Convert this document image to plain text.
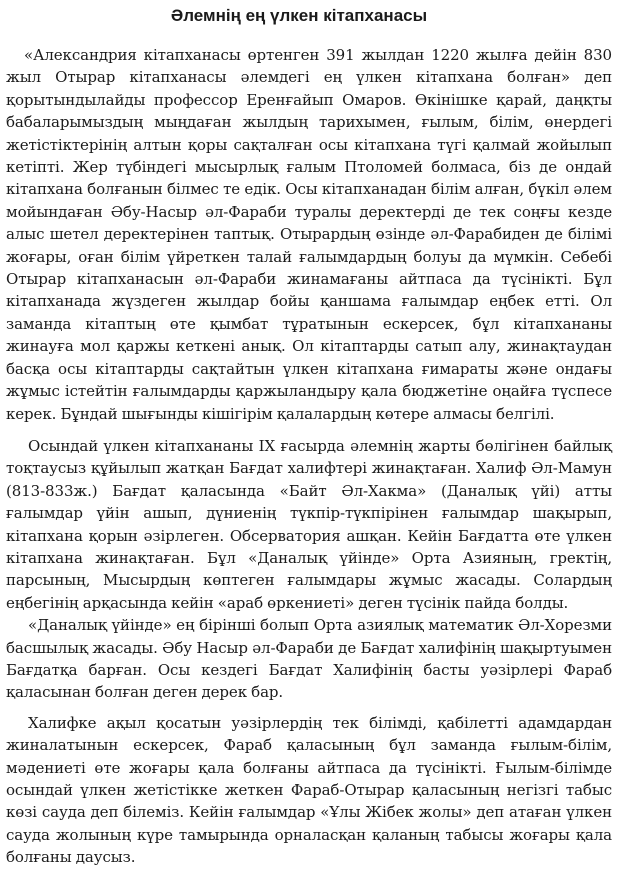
Әлемнің ең үлкен кітапханасы

«Александрия кітапханасы өртенген 391 жылдан 1220 жылға дейін 830 жыл Отырар кітапханасы әлемдегі ең үлкен кітапхана болған» деп қорытындылайды профессор Еренғайып Омаров. Өкінішке қарай, даңқты бабаларымыздың мыңдаған жылдың тарихымен, ғылым, білім, өнердегі жетістіктерінің алтын қоры сақталған осы кітапхана түгі қалмай жойылып кетіпті. Жер түбіндегі мысырлық ғалым Птоломей болмаса, біз де ондай кітапхана болғанын білмес те едік. Осы кітапханадан білім алған, бүкіл әлем мойындаған Әбу-Насыр әл-Фараби туралы деректерді де тек соңғы кезде алыс шетел деректерінен таптық. Отырардың өзінде әл-Фарабиден де білімі жоғары, оған білім үйреткен талай ғалымдардың болуы да мүмкін. Себебі Отырар кітапханасын әл-Фараби жинамағаны айтпаса да түсінікті. Бұл кітапханада жүздеген жылдар бойы қаншама ғалымдар еңбек етті. Ол заманда кітаптың өте қымбат тұратынын ескерсек, бұл кітапхананы жинауға мол қаржы кеткені анық. Ол кітаптарды сатып алу, жинақтаудан басқа осы кітаптарды сақтайтын үлкен кітапхана ғимараты және ондағы жұмыс істейтін ғалымдарды қаржыландыру қала бюджетіне оңайға түспесе керек. Бұндай шығынды кішігірім қалалардың көтере алмасы белгілі.

Осындай үлкен кітапхананы IX ғасырда әлемнің жарты бөлігінен байлық тоқтаусыз құйылып жатқан Бағдат халифтері жинақтаған. Халиф Әл-Мамун (813-833ж.) Бағдат қаласында «Байт Әл-Хакма» (Даналық үйі) атты ғалымдар үйін ашып, дүниенің түкпір-түкпірінен ғалымдар шақырып, кітапхана қорын әзірлеген. Обсерватория ашқан. Кейін Бағдатта өте үлкен кітапхана жинақтаған. Бұл «Даналық үйінде» Орта Азияның, гректің, парсының, Мысырдың көптеген ғалымдары жұмыс жасады. Солардың еңбегінің арқасында кейін «араб өркениеті» деген түсінік пайда болды.

«Даналық үйінде» ең бірінші болып Орта азиялық математик Әл-Хорезми басшылық жасады. Әбу Насыр әл-Фараби де Бағдат халифінің шақыртуымен Бағдатқа барған. Осы кездегі Бағдат Халифінің басты уәзірлері Фараб қаласынан болған деген дерек бар.

Халифке ақыл қосатын уәзірлердің тек білімді, қабілетті адамдардан жиналатынын ескерсек, Фараб қаласының бұл заманда ғылым-білім, мәдениеті өте жоғары қала болғаны айтпаса да түсінікті. Ғылым-білімде осындай үлкен жетістікке жеткен Фараб-Отырар қаласының негізгі табыс көзі сауда деп білеміз. Кейін ғалымдар «Ұлы Жібек жолы» деп атаған үлкен сауда жолының күре тамырында орналасқан қаланың табысы жоғары қала болғаны даусыз.
